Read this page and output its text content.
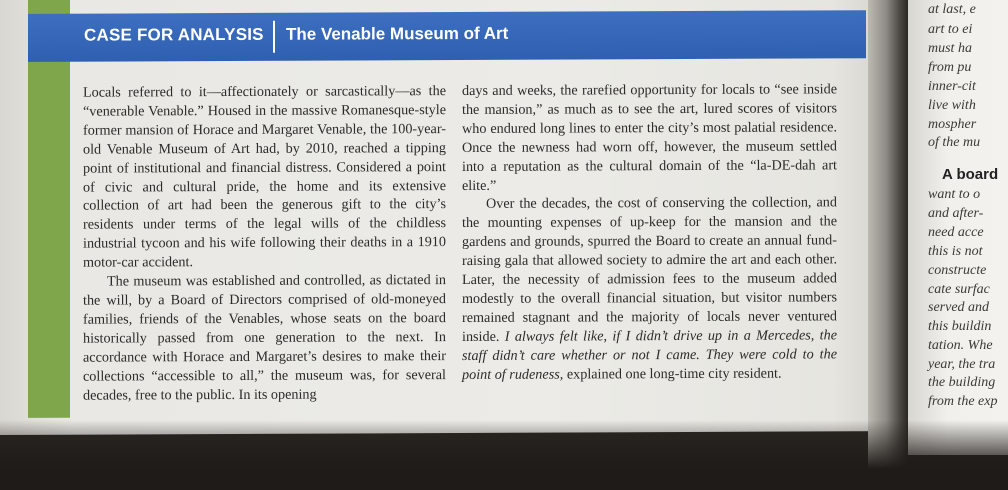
CASE FOR ANALYSIS The Venable Museum of Art

Locals referred to it—affectionately or sarcastically—as the “venerable Venable.” Housed in the massive Romanesque-style former mansion of Horace and Margaret Venable, the 100-year-old Venable Museum of Art had, by 2010, reached a tipping point of institutional and financial distress. Considered a point of civic and cultural pride, the home and its extensive collection of art had been the generous gift to the city’s residents under terms of the legal wills of the childless industrial tycoon and his wife following their deaths in a 1910 motor-car accident.

The museum was established and controlled, as dictated in the will, by a Board of Directors comprised of old-moneyed families, friends of the Venables, whose seats on the board historically passed from one generation to the next. In accordance with Horace and Margaret’s desires to make their collections “accessible to all,” the museum was, for several decades, free to the public. In its opening

days and weeks, the rarefied opportunity for locals to “see inside the mansion,” as much as to see the art, lured scores of visitors who endured long lines to enter the city’s most palatial residence. Once the newness had worn off, however, the museum settled into a reputation as the cultural domain of the “la-DE-dah art elite.”

Over the decades, the cost of conserving the collection, and the mounting expenses of up-keep for the mansion and the gardens and grounds, spurred the Board to create an annual fund-raising gala that allowed society to admire the art and each other. Later, the necessity of admission fees to the museum added modestly to the overall financial situation, but visitor numbers remained stagnant and the majority of locals never ventured inside. I always felt like, if I didn’t drive up in a Mercedes, the staff didn’t care whether or not I came. They were cold to the point of rudeness, explained one long-time city resident.

at last, e
art to ei
must ha
from pu
inner-cit
live with
mospher
of the mu
A board
want to o
and after-
need acce
this is not
constructe
cate surfac
served and
this buildin
tation. Whe
year, the tra
the building
from the exp
